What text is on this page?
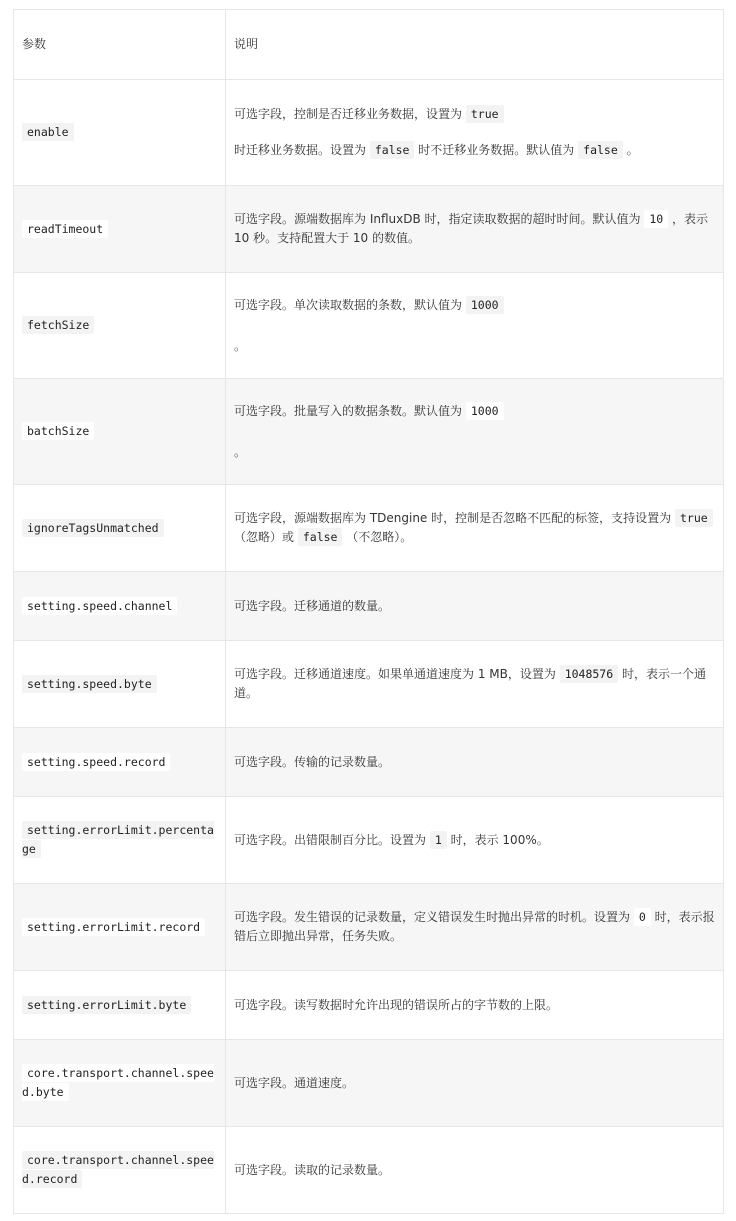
参数	说明
enable	可选字段，控制是否迁移业务数据，设置为 true

时迁移业务数据。设置为 false 时不迁移业务数据。默认值为 false 。

readTimeout	可选字段。源端数据库为 InfluxDB 时，指定读取数据的超时时间。默认值为 10 ，表示 10 秒。支持配置大于 10 的数值。

fetchSize	可选字段。单次读取数据的条数，默认值为 1000

。

batchSize	可选字段。批量写入的数据条数。默认值为 1000

。

ignoreTagsUnmatched	可选字段，源端数据库为 TDengine 时，控制是否忽略不匹配的标签，支持设置为 true （忽略）或 false （不忽略）。

setting.speed.channel	可选字段。迁移通道的数量。

setting.speed.byte	可选字段。迁移通道速度。如果单通道速度为 1 MB，设置为 1048576 时，表示一个通道。

setting.speed.record	可选字段。传输的记录数量。

setting.errorLimit.percentage	可选字段。出错限制百分比。设置为 1 时，表示 100%。

setting.errorLimit.record	可选字段。发生错误的记录数量，定义错误发生时抛出异常的时机。设置为 0 时，表示报错后立即抛出异常，任务失败。

setting.errorLimit.byte	可选字段。读写数据时允许出现的错误所占的字节数的上限。

core.transport.channel.speed.byte	可选字段。通道速度。

core.transport.channel.speed.record	可选字段。读取的记录数量。
